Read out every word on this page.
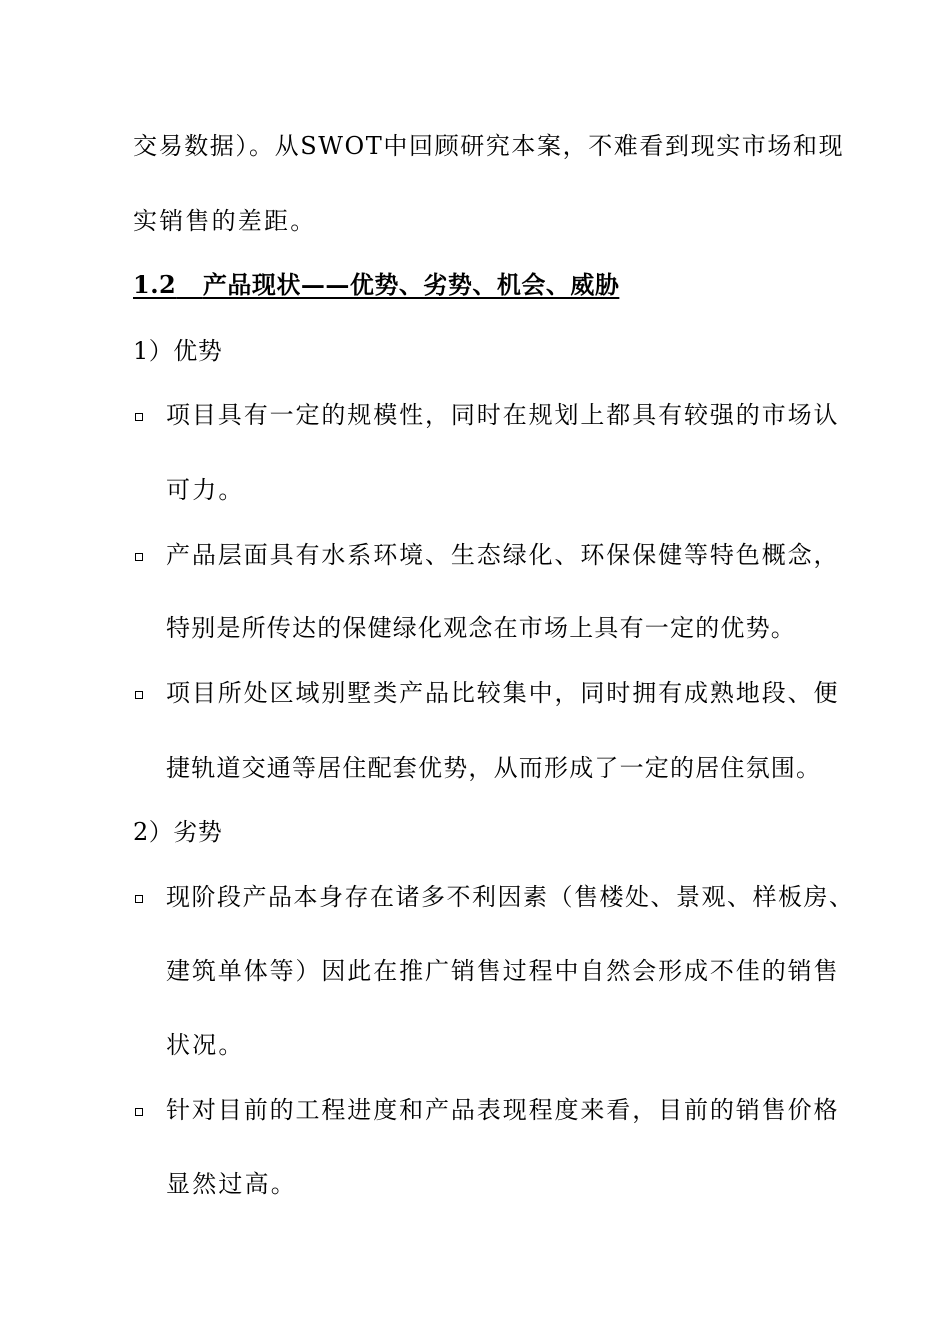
交易数据）。从SWOT中回顾研究本案，不难看到现实市场和现
实销售的差距。
1.2 产品现状——优势、劣势、机会、威胁
1）优势
项目具有一定的规模性，同时在规划上都具有较强的市场认
可力。
产品层面具有水系环境、生态绿化、环保保健等特色概念，
特别是所传达的保健绿化观念在市场上具有一定的优势。
项目所处区域别墅类产品比较集中，同时拥有成熟地段、便
捷轨道交通等居住配套优势，从而形成了一定的居住氛围。
2）劣势
现阶段产品本身存在诸多不利因素（售楼处、景观、样板房、
建筑单体等）因此在推广销售过程中自然会形成不佳的销售
状况。
针对目前的工程进度和产品表现程度来看，目前的销售价格
显然过高。
